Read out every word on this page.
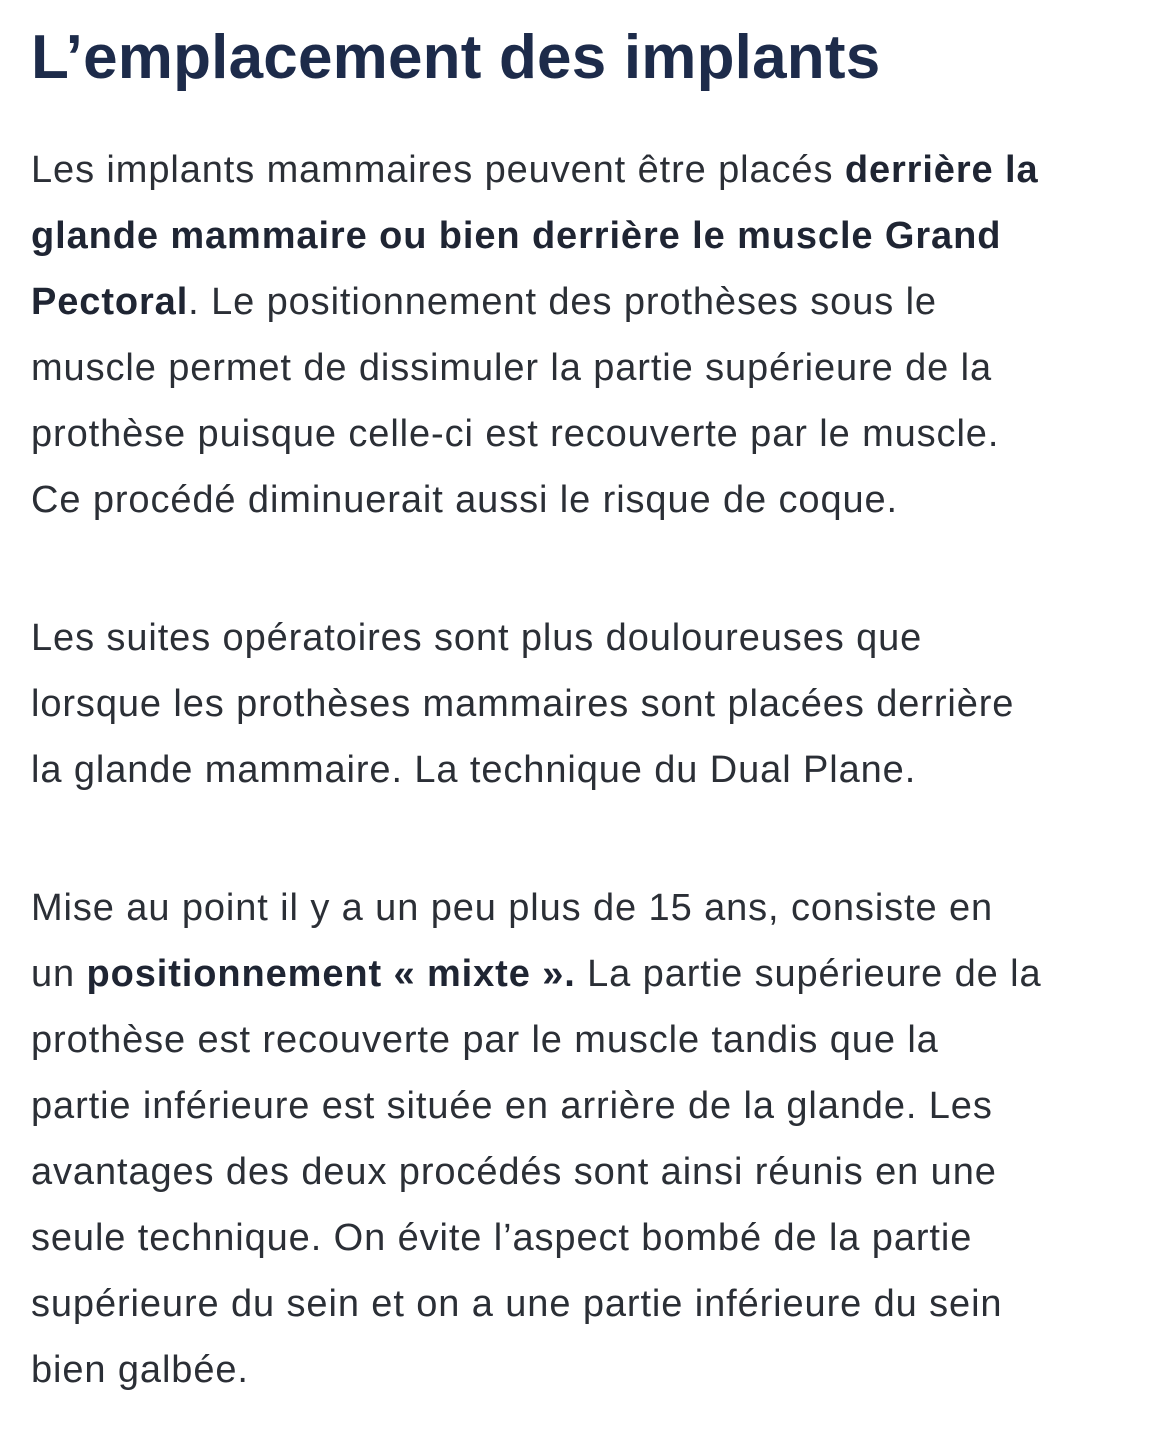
L’emplacement des implants

Les implants mammaires peuvent être placés derrière la
glande mammaire ou bien derrière le muscle Grand
Pectoral. Le positionnement des prothèses sous le
muscle permet de dissimuler la partie supérieure de la
prothèse puisque celle-ci est recouverte par le muscle.
Ce procédé diminuerait aussi le risque de coque.

Les suites opératoires sont plus douloureuses que
lorsque les prothèses mammaires sont placées derrière
la glande mammaire. La technique du Dual Plane.

Mise au point il y a un peu plus de 15 ans, consiste en
un positionnement « mixte ». La partie supérieure de la
prothèse est recouverte par le muscle tandis que la
partie inférieure est située en arrière de la glande. Les
avantages des deux procédés sont ainsi réunis en une
seule technique. On évite l’aspect bombé de la partie
supérieure du sein et on a une partie inférieure du sein
bien galbée.
